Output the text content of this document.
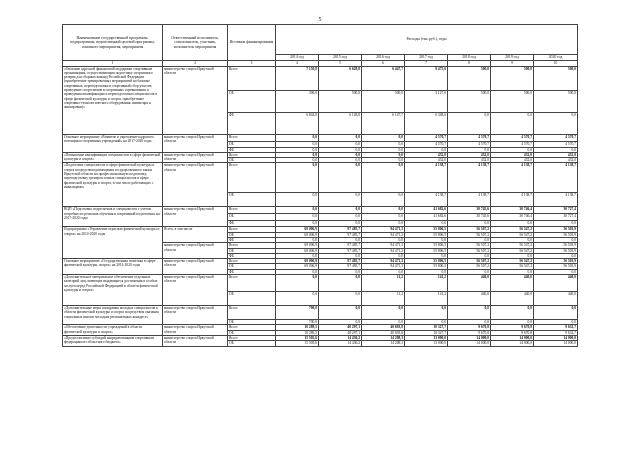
5
Наименование государственной программы, подпрограммы, ведомственной целевой программы, основного мероприятия, мероприятия	Ответственный исполнитель, соисполнитель, участник, исполнитель мероприятия	Источник финансирования	Расходы (тыс.руб.), годы						
			2014 год	2015 год	2016 год	2017 год	2018 год	2019 год	2020 год
1	2	3	4	5	6	7	8	9	10
«Оказание адресной финансовой поддержки спортивным организациям, осуществляющим подготовку спортивного резерва для сборных команд Российской Федерации (приобретение тренировочных мероприятий на базовые спортивных, переподготовки и спортивный сбор участие, проведение спортсменов в спортивных соревнования и проведения квалификации и переподготовки специалистов в сфере физической культуры и спорта, приобретение спортивно-технологического оборудования, инвентаря и экипировки)»	министерство спорта Иркутской области	Всего	7 150,8	6 628,8	6 447,7	9 475,6	500,0	500,0	500,0
		ОБ	306,0	500,0	500,0	3 127,0	500,0	500,0	500,0
		ФБ	6 844,8	6 128,8	6 147,7	6 348,6	0,0	0,0	0,0
Основное мероприятие «Развитие и укрепление кадрового потенциала спортивных учреждений» на 2017-2020 годы	министерство спорта Иркутской области	Всего	0,0	0,0	0,0	4 570,7	4 570,7	4 570,7	4 570,7
		ОБ	0,0	0,0	0,0	4 570,7	4 570,7	4 570,7	4 570,7
		ФБ	0,0	0,0	0,0	0,0	0,0	0,0	0,0
«Повышение квалификации специалистов в сфере физической культуры и спорта»	министерство спорта Иркутской области	Всего	0,0	0,0	0,0	432,0	432,0	432,0	432,0
		ОБ	0,0	0,0	0,0	432,0	432,0	432,0	432,0
«Подготовка специалистов в сфере физической культуры и спорта посредством размещения государственного заказа Иркутской области на профессиональную подготовку, переподготовку тренеров и иных специалистов в сфере физической культуры и спорта, в том числе работающих с инвалидами»	министерство спорта Иркутской области	Всего	0,0	0,0	0,0	4 138,7	4 138,7	4 138,7	4 138,7
		ОБ	0,0	0,0	0,0	4 138,7	4 138,7	4 138,7	4 138,7
ВЦП «Подготовка спортсменов и специалистов с учетом потребности регионов обучения в спортивный подготовки» на 2017-2020 годы	министерство спорта Иркутской области	Всего	0,0	0,0	0,0	41 682,6	30 745,6	30 746,4	30 727,4
		ОБ	0,0	0,0	0,0	41 682,6	30 745,6	30 746,4	30 727,4
		ФБ	0,0	0,0	0,0	0,0	0,0	0,0	0,0
Подпрограмма «Управление отраслью физической культуры и спорта» на 2014-2020 годы	Всего, в том числе	Всего	69 006,9	97 485,7	94 471,3	55 806,5	56 507,2	56 547,2	56 503,9
		ОБ	69 006,9	97 485,7	94 471,3	55 806,5	56 507,2	56 547,2	56 503,9
		ФБ	0,0	0,0	0,0	0,0	0,0	0,0	0,0
	министерство спорта Иркутской области	Всего	69 006,9	97 485,7	94 471,3	55 806,5	56 507,2	56 547,2	56 503,9
		ОБ	69 006,9	97 485,7	94 471,3	55 806,5	56 507,2	56 547,2	56 503,9
		ФБ	0,0	0,0	0,0	0,0	0,0	0,0	0,0
Основное мероприятие «Государственная политика в сфере физической культуры, спорта» на 2014-2020 годы	министерство спорта Иркутской области	Всего	69 006,9	97 485,7	94 471,3	55 806,5	56 507,2	56 547,2	56 503,9
		ОБ	69 006,9	97 485,7	94 471,3	55 806,5	56 507,2	56 547,2	56 503,9
		ФБ	0,0	0,0	0,0	0,0	0,0	0,0	0,0
«Дополнительное материальное обеспечение отдельных категорий лиц, имеющих выдающиеся достижения и особые заслуги перед Российской Федерацией в области физической культуры и спорта»	министерство спорта Иркутской области	Всего	0,0	0,0	11,2	141,2	440,0	440,0	440,0
		ОБ	0,0	0,0	11,2	141,2	440,0	440,0	440,0
«Дополнительные меры поощрения молодых специалистов в области физической культуры и спорта посредством оказания социальных выплат молодым региональных конкурсе»	министерство спорта Иркутской области	Всего	700,0	0,0	0,0	0,0	0,0	0,0	0,0
		ОБ	700,0	0,0	0,0	0,0	0,0	0,0	0,0
«Обеспечение деятельности учреждений в области физической культуры и спорта»	министерство спорта Иркутской области	Всего	10 289,5	40 297,1	40 693,8	10 327,7	9 670,8	9 670,8	9 632,7
		ОБ	10 289,5	40 297,1	40 693,8	10 327,7	9 670,8	9 670,8	9 632,7
«Предоставление субсидий аккредитованным спортивным федерациям из областного бюджета»	министерство спорта Иркутской области	Всего	15 505,6	14 436,2	14 208,3	13 000,0	14 000,0	14 000,0	14 000,0
		ОБ	15 505,6	14 436,2	14 208,3	13 000,0	14 000,0	14 000,0	14 000,0
